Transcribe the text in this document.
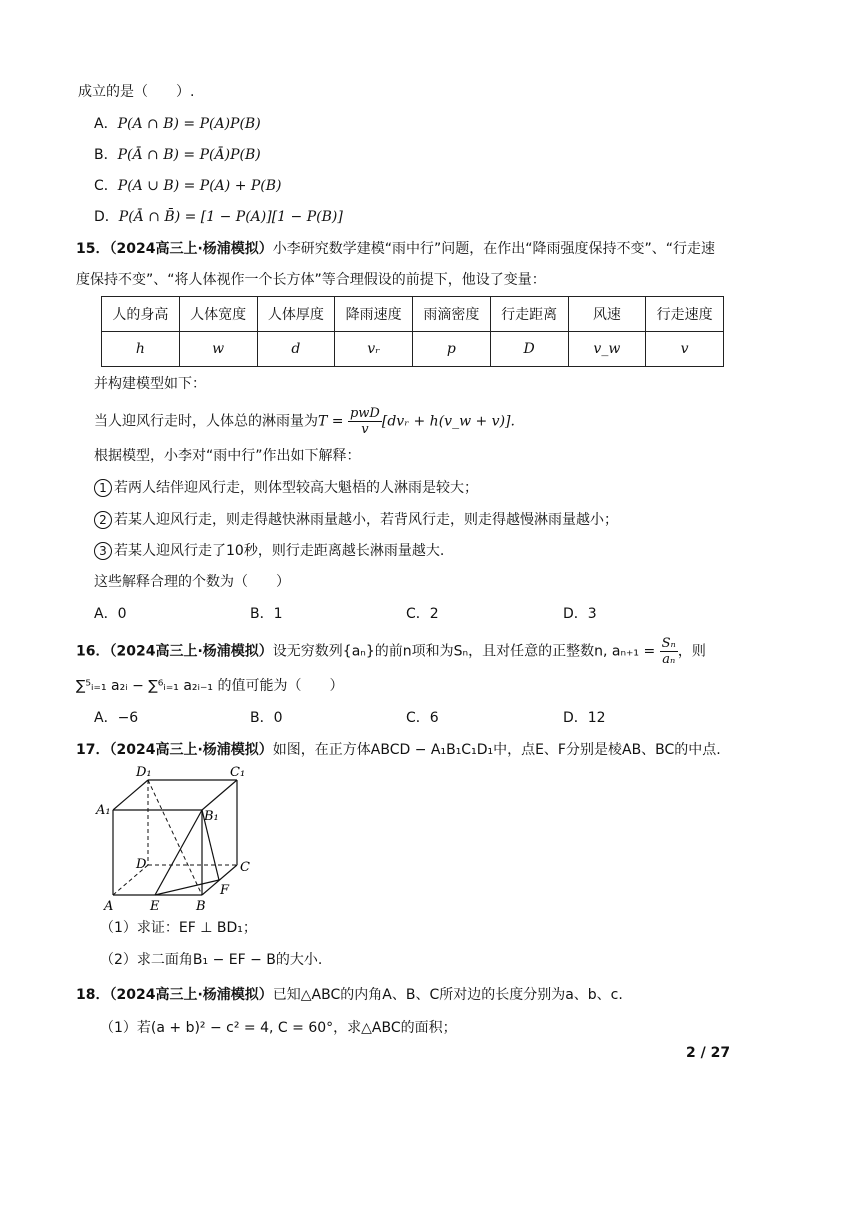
成立的是（　　）.
A．P(A ∩ B) = P(A)P(B)
B．P(Ā ∩ B) = P(Ā)P(B)
C．P(A ∪ B) = P(A) + P(B)
D．P(Ā ∩ B̄) = [1 − P(A)][1 − P(B)]
15．（2024高三上·杨浦模拟）小李研究数学建模“雨中行”问题，在作出“降雨强度保持不变”、“行走速
度保持不变”、“将人体视作一个长方体”等合理假设的前提下，他设了变量：
人的身高	人体宽度	人体厚度	降雨速度	雨滴密度	行走距离	风速	行走速度
h	w	d	vᵣ	p	D	v_w	v
并构建模型如下：
当人迎风行走时，人体总的淋雨量为$T = \frac{\text{pwD}}{v}$ [dvᵣ + h(v_w + v)].
根据模型，小李对“雨中行”作出如下解释：
1 若两人结伴迎风行走，则体型较高大魁梧的人淋雨是较大；
2 若某人迎风行走，则走得越快淋雨量越小，若背风行走，则走得越慢淋雨量越小；
3 若某人迎风行走了10秒，则行走距离越长淋雨量越大.
这些解释合理的个数为（　　）
A．0	B．1	C．2	D．3
16．（2024高三上·杨浦模拟）设无穷数列{aₙ}的前n项和为Sₙ，且对任意的正整数n, $a_{n+1} = \frac{\text{Sₙ}}{\text{aₙ}}$ ，则
∑⁵ᵢ₌₁ a₂ᵢ − ∑⁶ᵢ₌₁ a₂ᵢ₋₁ 的值可能为（　　）
A．−6	B．0	C．6	D．12
17．（2024高三上·杨浦模拟）如图，在正方体ABCD − A₁B₁C₁D₁中，点E、F分别是棱AB、BC的中点.
D₁	C₁
A₁	B₁
D	C
A	E	B
F
（1）求证：EF ⊥ BD₁；
（2）求二面角B₁ − EF − B的大小.
18．（2024高三上·杨浦模拟）已知△ABC的内角A、B、C所对边的长度分别为a、b、c.
（1）若(a + b)² − c² = 4, C = 60°，求△ABC的面积；
2 / 27
